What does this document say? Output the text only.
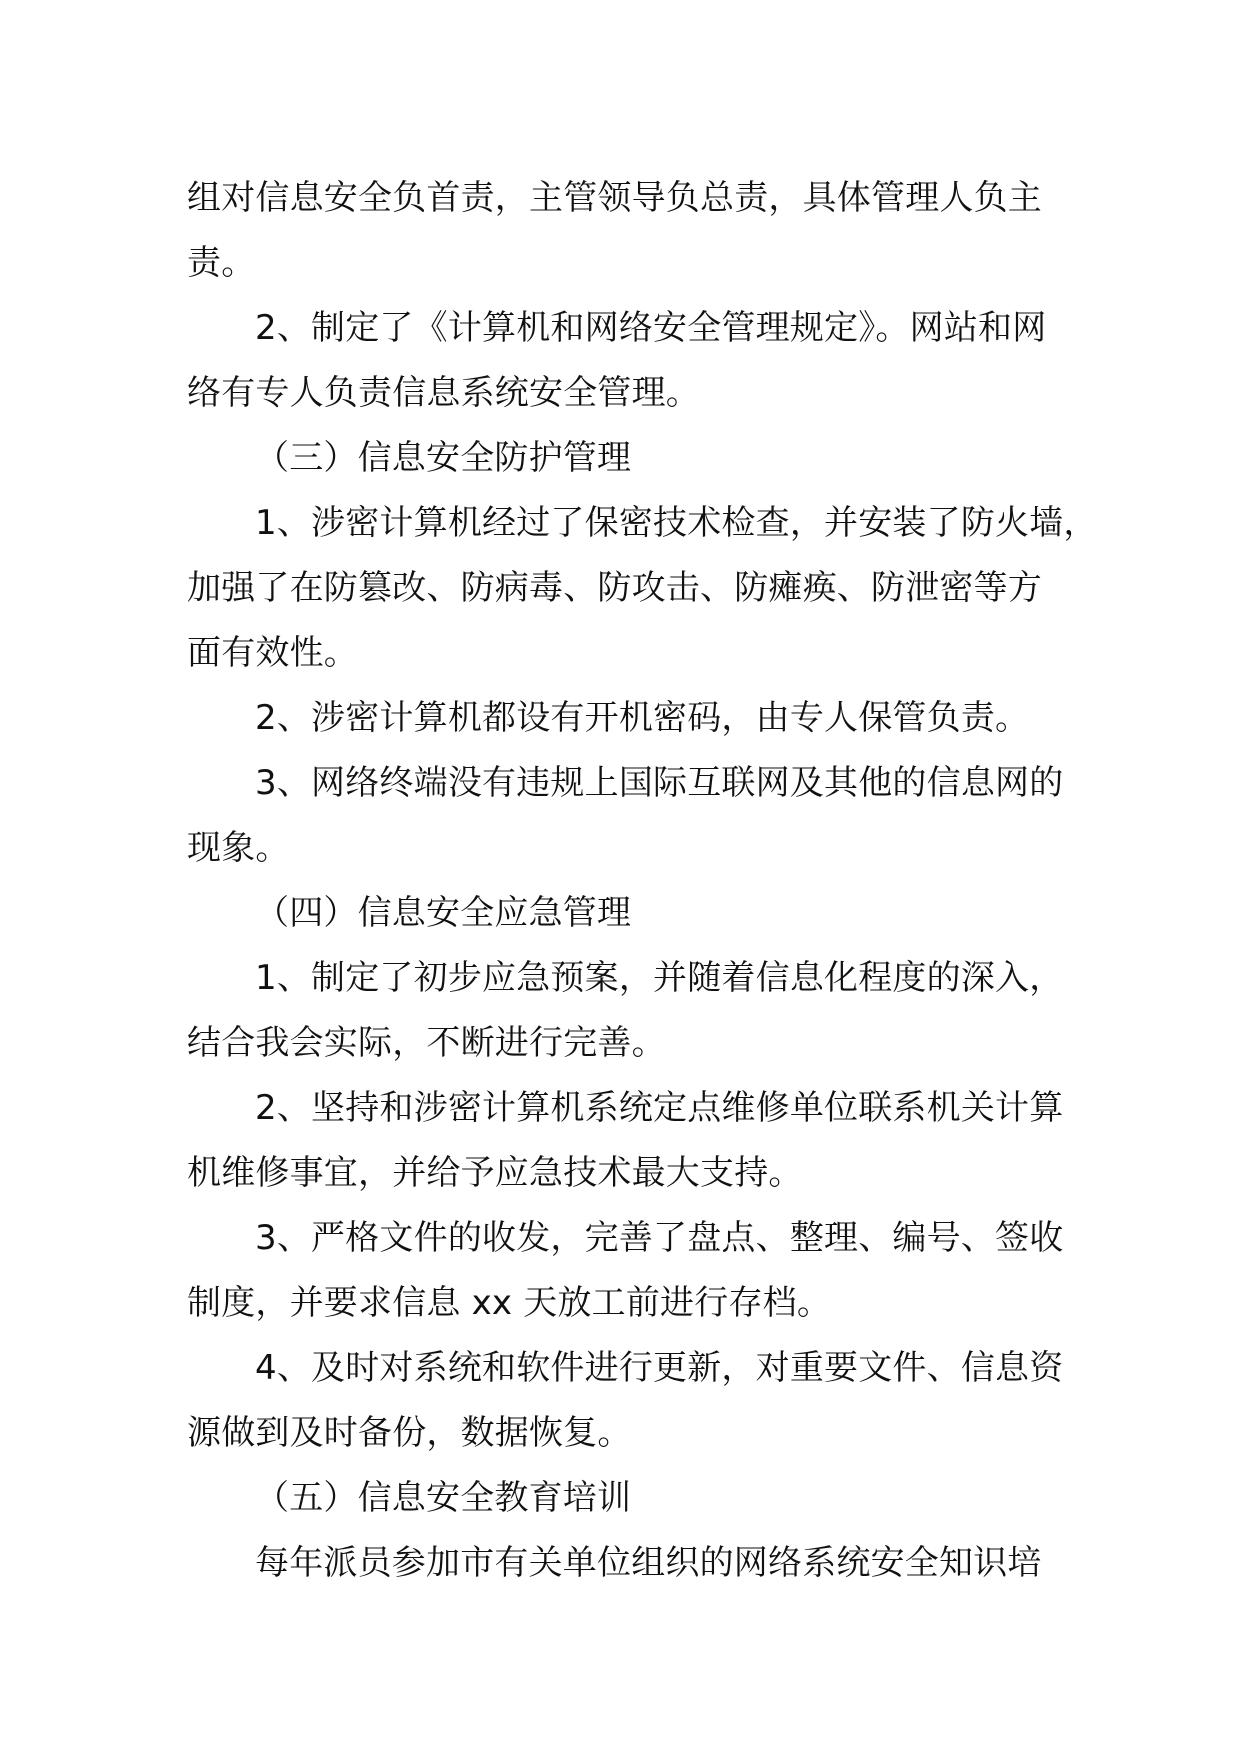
组对信息安全负首责，主管领导负总责，具体管理人负主
责。

2、制定了《计算机和网络安全管理规定》。网站和网
络有专人负责信息系统安全管理。

（三）信息安全防护管理

1、涉密计算机经过了保密技术检查，并安装了防火墙，
加强了在防篡改、防病毒、防攻击、防瘫痪、防泄密等方
面有效性。

2、涉密计算机都设有开机密码，由专人保管负责。

3、网络终端没有违规上国际互联网及其他的信息网的
现象。

（四）信息安全应急管理

1、制定了初步应急预案，并随着信息化程度的深入，
结合我会实际，不断进行完善。

2、坚持和涉密计算机系统定点维修单位联系机关计算
机维修事宜，并给予应急技术最大支持。

3、严格文件的收发，完善了盘点、整理、编号、签收
制度，并要求信息 xx 天放工前进行存档。

4、及时对系统和软件进行更新，对重要文件、信息资
源做到及时备份，数据恢复。

（五）信息安全教育培训

每年派员参加市有关单位组织的网络系统安全知识培
